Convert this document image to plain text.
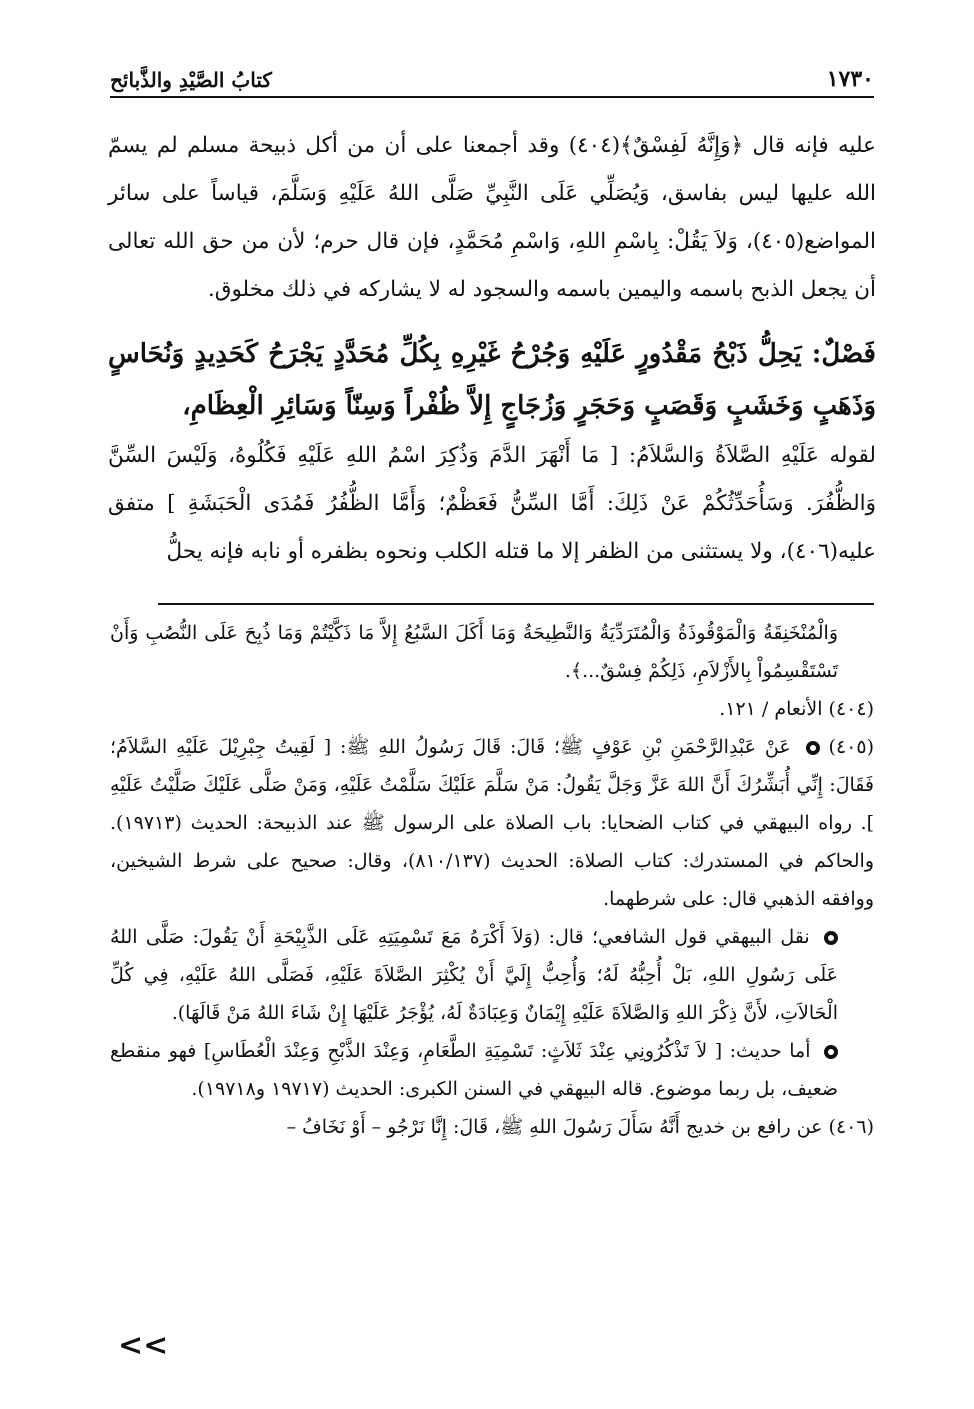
١٧٣٠
كتابُ الصَّيْدِ والذَّبائح

عليه فإنه قال ﴿وَإِنَّهُ لَفِسْقٌ﴾(٤٠٤) وقد أجمعنا على أن من أكل ذبيحة مسلم لم يسمّ الله عليها ليس بفاسق، وَيُصَلِّي عَلَى النَّبِيِّ صَلَّى اللهُ عَلَيْهِ وَسَلَّمَ، قياساً على سائر المواضع(٤٠٥)، وَلاَ يَقُلْ: بِاسْمِ اللهِ، وَاسْمِ مُحَمَّدٍ، فإن قال حرم؛ لأن من حق الله تعالى أن يجعل الذبح باسمه واليمين باسمه والسجود له لا يشاركه في ذلك مخلوق.

فَصْلٌ: يَحِلُّ ذَبْحُ مَقْدُورٍ عَلَيْهِ وَجُرْحُ غَيْرِهِ بِكُلِّ مُحَدَّدٍ يَجْرَحُ كَحَدِيدٍ وَنُحَاسٍ وَذَهَبٍ وَخَشَبٍ وَقَصَبٍ وَحَجَرٍ وَزُجَاجٍ إِلاَّ ظُفْراً وَسِنّاً وَسَائِرِ الْعِظَامِ،

لقوله عَلَيْهِ الصَّلاَةُ وَالسَّلاَمُ: [ مَا أَنْهَرَ الدَّمَ وَذُكِرَ اسْمُ اللهِ عَلَيْهِ فَكُلُوهُ، وَلَيْسَ السِّنَّ وَالظُّفُرَ. وَسَأُحَدِّثُكُمْ عَنْ ذَلِكَ: أَمَّا السِّنُّ فَعَظْمٌ؛ وَأَمَّا الظُّفُرُ فَمُدَى الْحَبَشَةِ ] متفق عليه(٤٠٦)، ولا يستثنى من الظفر إلا ما قتله الكلب ونحوه بظفره أو نابه فإنه يحلُّ

وَالْمُنْخَنِقَةُ وَالْمَوْقُوذَةُ وَالْمُتَرَدِّيَةُ وَالنَّطِيحَةُ وَمَا أَكَلَ السَّبُعُ إِلاَّ مَا ذَكَّيْتُمْ وَمَا ذُبِحَ عَلَى النُّصُبِ وَأَنْ تَسْتَقْسِمُواْ بِالأَزْلاَمِ، ذَلِكُمْ فِسْقٌ...﴾.

(٤٠٤) الأنعام / ١٢١.

(٤٠٥)  عَنْ عَبْدِالرَّحْمَنِ بْنِ عَوْفٍ ﷺ؛ قَالَ: قَالَ رَسُولُ اللهِ ﷺ: [ لَقِيتُ جِبْرِيْلَ عَلَيْهِ السَّلاَمُ؛ فَقَالَ: إِنِّي أُبَشِّرُكَ أَنَّ اللهَ عَزَّ وَجَلَّ يَقُولُ: مَنْ سَلَّمَ عَلَيْكَ سَلَّمْتُ عَلَيْهِ، وَمَنْ صَلَّى عَلَيْكَ صَلَّيْتُ عَلَيْهِ ]. رواه البيهقي في كتاب الضحايا: باب الصلاة على الرسول ﷺ عند الذبيحة: الحديث (١٩٧١٣). والحاكم في المستدرك: كتاب الصلاة: الحديث (٨١٠/١٣٧)، وقال: صحيح على شرط الشيخين، ووافقه الذهبي قال: على شرطهما.

نقل البيهقي قول الشافعي؛ قال: (وَلاَ أَكْرَهُ مَعَ تَسْمِيَتِهِ عَلَى الذَّبِيْحَةِ أَنْ يَقُولَ: صَلَّى اللهُ عَلَى رَسُولِ اللهِ، بَلْ أُحِبُّهُ لَهُ؛ وَأُحِبُّ إِلَيَّ أَنْ يُكْثِرَ الصَّلاَةَ عَلَيْهِ، فَصَلَّى اللهُ عَلَيْهِ، فِي كُلِّ الْحَالاَتِ، لأَنَّ ذِكْرَ اللهِ وَالصَّلاَةَ عَلَيْهِ إِيْمَانٌ وَعِبَادَةٌ لَهُ، يُؤْجَرُ عَلَيْهَا إِنْ شَاءَ اللهُ مَنْ قَالَهَا).

أما حديث: [ لاَ تَذْكُرُونِي عِنْدَ ثَلاَثٍ: تَسْمِيَةِ الطَّعَامِ، وَعِنْدَ الذَّبْحِ وَعِنْدَ الْعُطَاسِ] فهو منقطع ضعيف، بل ربما موضوع. قاله البيهقي في السنن الكبرى: الحديث (١٩٧١٧ و١٩٧١٨).

(٤٠٦) عن رافع بن خديج أَنَّهُ سَأَلَ رَسُولَ اللهِ ﷺ، قَالَ: إِنَّا نَرْجُو – أَوْ نَخَافُ –

<<
